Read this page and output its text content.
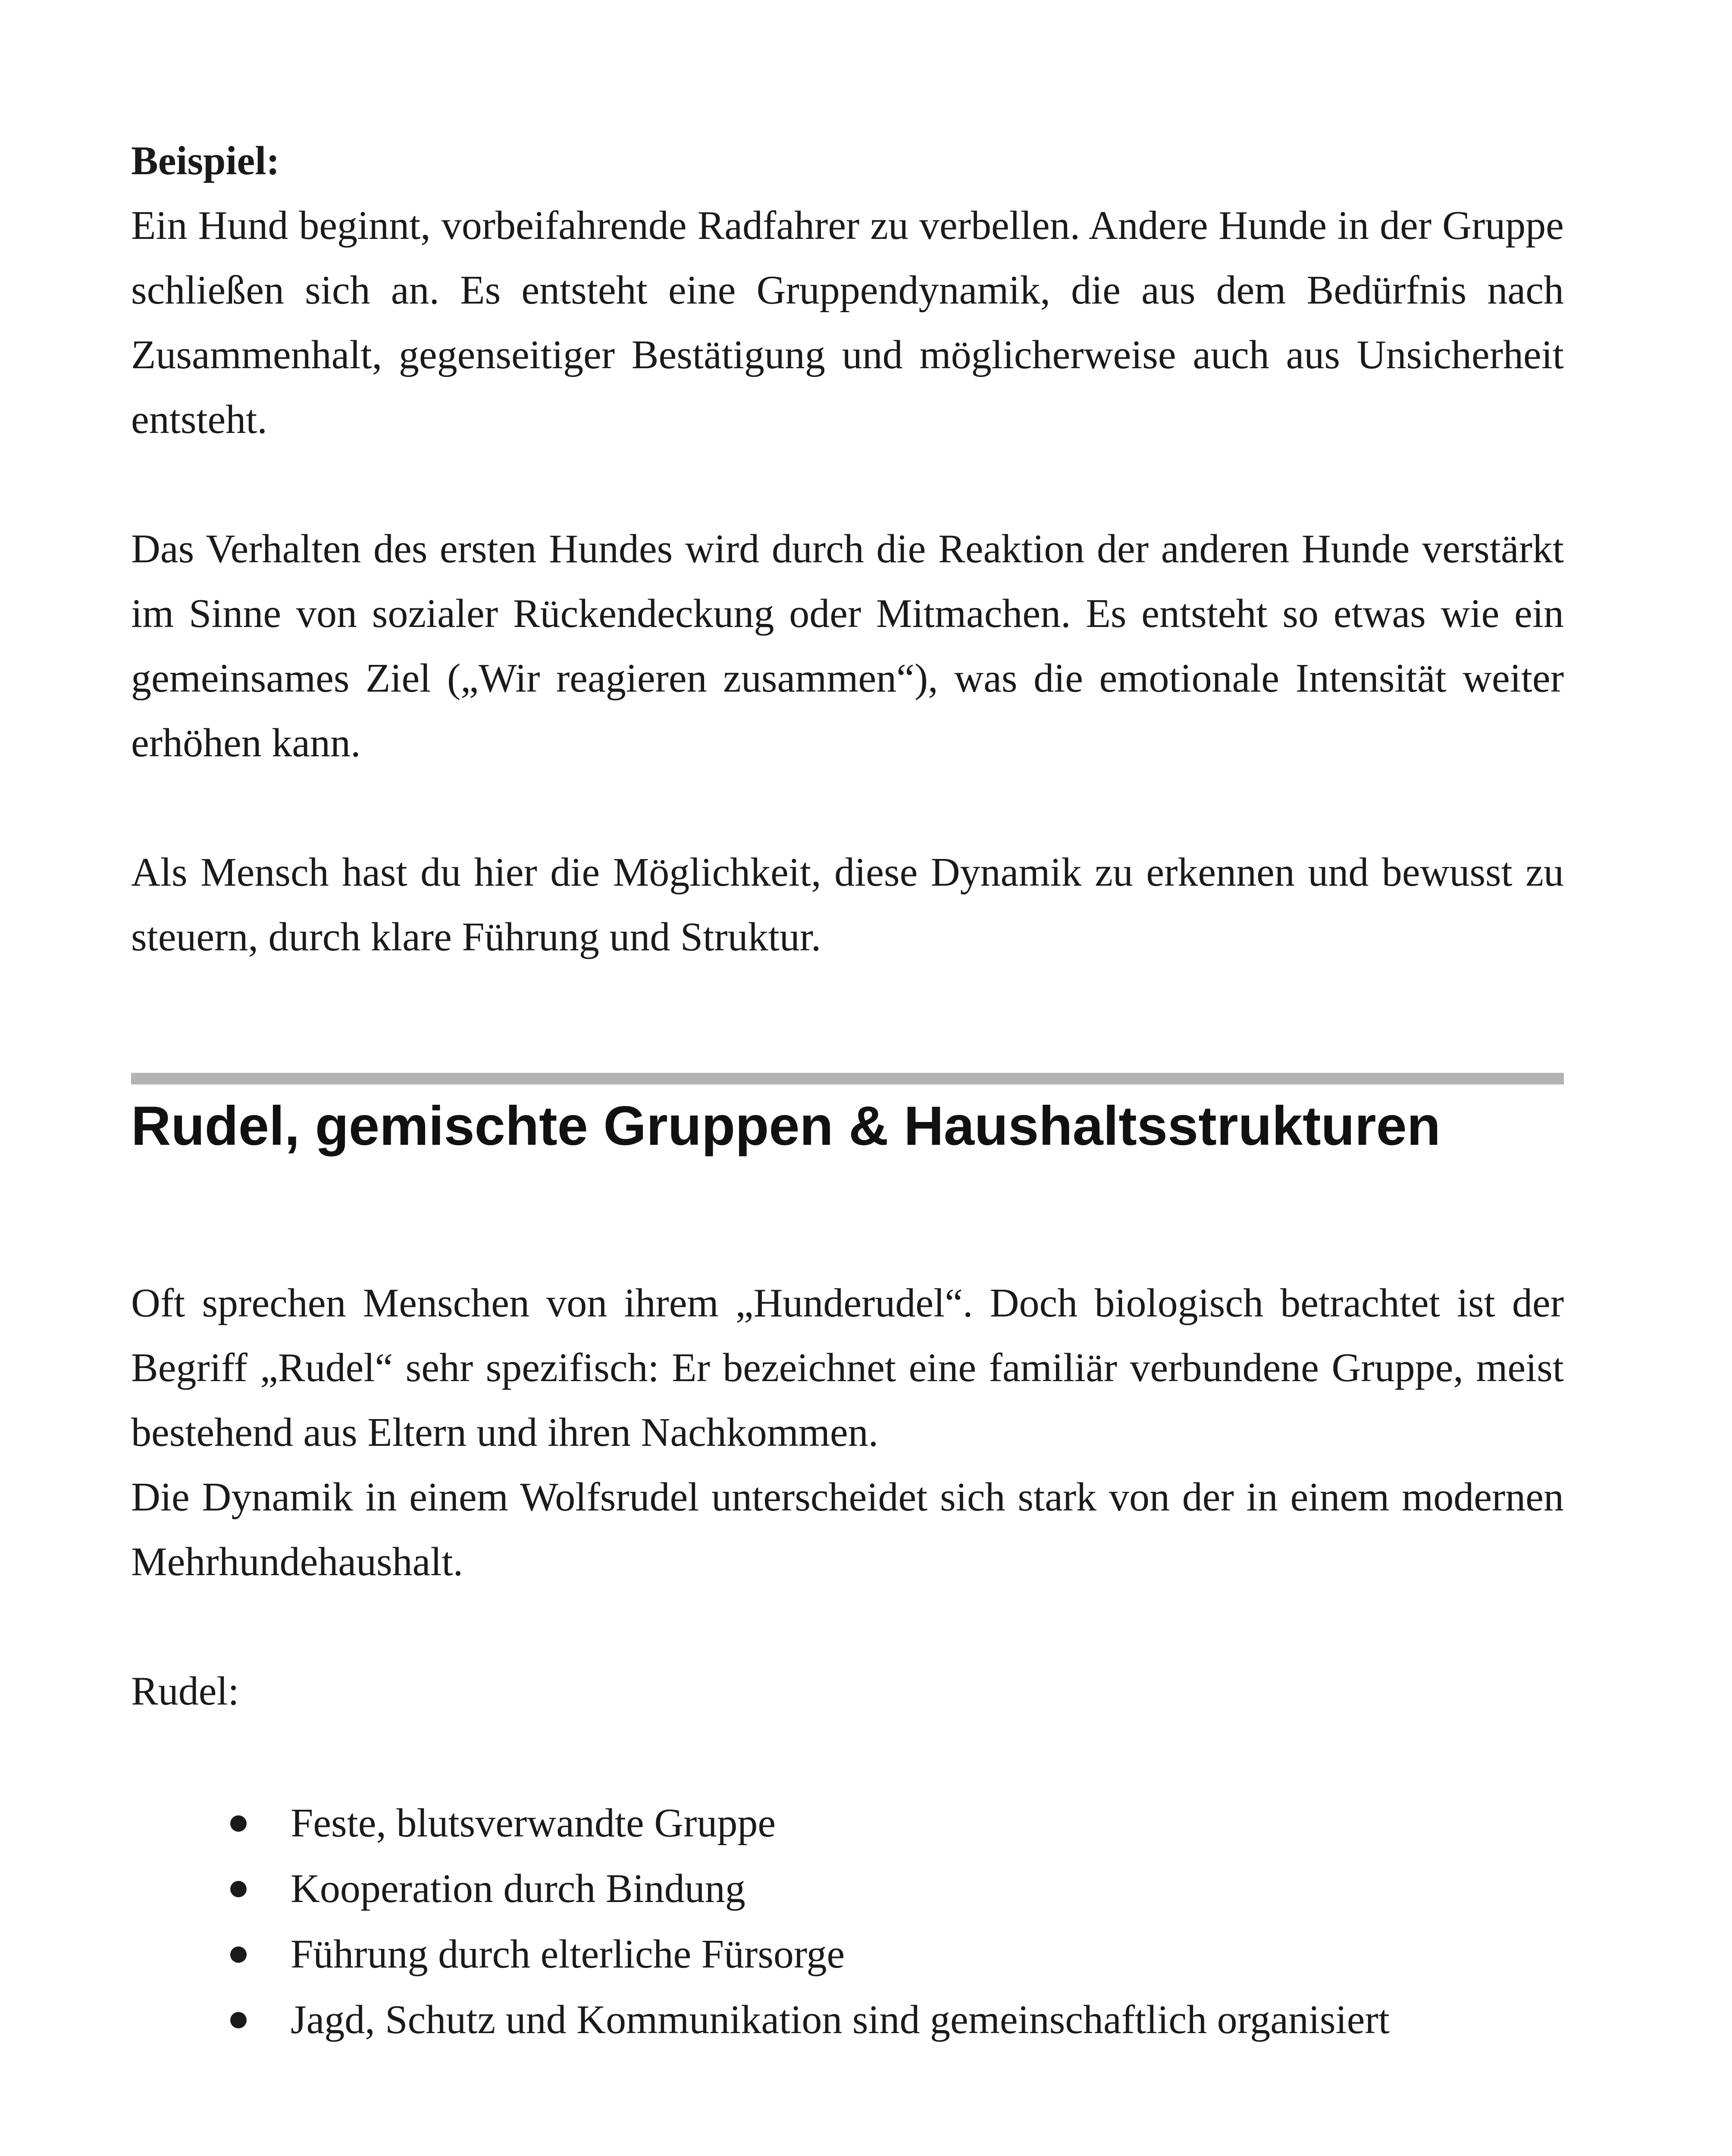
Beispiel:
Ein Hund beginnt, vorbeifahrende Radfahrer zu verbellen. Andere Hunde in der Gruppe schließen sich an. Es entsteht eine Gruppendynamik, die aus dem Bedürfnis nach Zusammenhalt, gegenseitiger Bestätigung und möglicherweise auch aus Unsicherheit entsteht.

Das Verhalten des ersten Hundes wird durch die Reaktion der anderen Hunde verstärkt im Sinne von sozialer Rückendeckung oder Mitmachen. Es entsteht so etwas wie ein gemeinsames Ziel („Wir reagieren zusammen“), was die emotionale Intensität weiter erhöhen kann.

Als Mensch hast du hier die Möglichkeit, diese Dynamik zu erkennen und bewusst zu steuern, durch klare Führung und Struktur.

Rudel, gemischte Gruppen & Haushaltsstrukturen

Oft sprechen Menschen von ihrem „Hunderudel“. Doch biologisch betrachtet ist der Begriff „Rudel“ sehr spezifisch: Er bezeichnet eine familiär verbundene Gruppe, meist bestehend aus Eltern und ihren Nachkommen.
Die Dynamik in einem Wolfsrudel unterscheidet sich stark von der in einem modernen Mehrhundehaushalt.

Rudel:

Feste, blutsverwandte Gruppe
Kooperation durch Bindung
Führung durch elterliche Fürsorge
Jagd, Schutz und Kommunikation sind gemeinschaftlich organisiert
